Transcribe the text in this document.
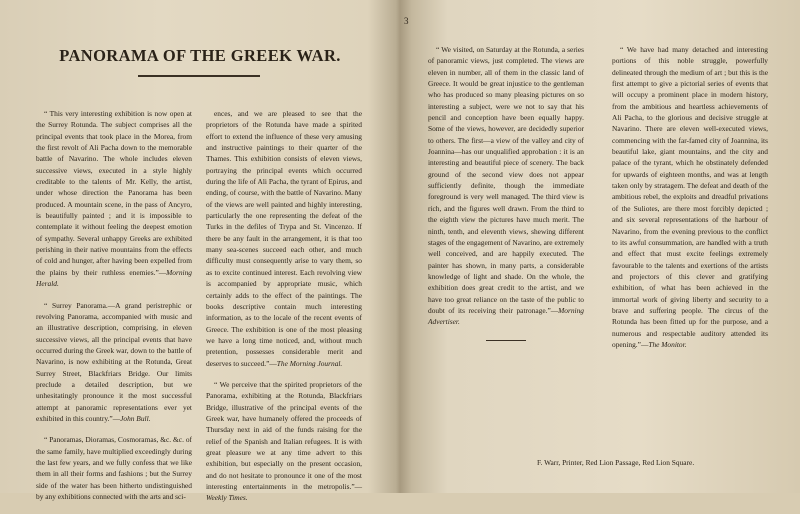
PANORAMA OF THE GREEK WAR.

“ This very interesting exhibition is now open at the Surrey Rotunda. The subject comprises all the principal events that took place in the Morea, from the first revolt of Ali Pacha down to the memorable battle of Navarino. The whole includes eleven successive views, executed in a style highly creditable to the talents of Mr. Kelly, the artist, under whose direction the Panorama has been produced. A mountain scene, in the pass of Ancyro, is beautifully painted ; and it is impossible to contemplate it without feeling the deepest emotion of sympathy. Several unhappy Greeks are exhibited perishing in their native mountains from the effects of cold and hunger, after having been expelled from the plains by their ruthless enemies.”—Morning Herald.

“ Surrey Panorama.—A grand peristrephic or revolving Panorama, accompanied with music and an illustrative description, comprising, in eleven successive views, all the principal events that have occurred during the Greek war, down to the battle of Navarino, is now exhibiting at the Rotunda, Great Surrey Street, Blackfriars Bridge. Our limits preclude a detailed description, but we unhesitatingly pronounce it the most successful attempt at panoramic representations ever yet exhibited in this country.”—John Bull.

“ Panoramas, Dioramas, Cosmoramas, &c. &c. of the same family, have multiplied exceedingly during the last few years, and we fully confess that we like them in all their forms and fashions ; but the Surrey side of the water has been hitherto undistinguished by any exhibitions connected with the arts and sci-

ences, and we are pleased to see that the proprietors of the Rotunda have made a spirited effort to extend the influence of these very amusing and instructive paintings to their quarter of the Thames. This exhibition consists of eleven views, portraying the principal events which occurred during the life of Ali Pacha, the tyrant of Epirus, and ending, of course, with the battle of Navarino. Many of the views are well painted and highly interesting, particularly the one representing the defeat of the Turks in the defiles of Trypa and St. Vincenzo. If there be any fault in the arrangement, it is that too many sea-scenes succeed each other, and much difficulty must consequently arise to vary them, so as to excite continued interest. Each revolving view is accompanied by appropriate music, which certainly adds to the effect of the paintings. The books descriptive contain much interesting information, as to the locale of the recent events of Greece. The exhibition is one of the most pleasing we have a long time noticed, and, without much pretention, possesses considerable merit and deserves to succeed.”—The Morning Journal.

“ We perceive that the spirited proprietors of the Panorama, exhibiting at the Rotunda, Blackfriars Bridge, illustrative of the principal events of the Greek war, have humanely offered the proceeds of Thursday next in aid of the funds raising for the relief of the Spanish and Italian refugees. It is with great pleasure we at any time advert to this exhibition, but especially on the present occasion, and do not hesitate to pronounce it one of the most interesting entertainments in the metropolis.”—Weekly Times.

3

“ We visited, on Saturday at the Rotunda, a series of panoramic views, just completed. The views are eleven in number, all of them in the classic land of Greece. It would be great injustice to the gentleman who has produced so many pleasing pictures on so interesting a subject, were we not to say that his pencil and conception have been equally happy. Some of the views, however, are decidedly superior to others. The first—a view of the valley and city of Joannina—has our unqualified approbation : it is an interesting and beautiful piece of scenery. The back ground of the second view does not appear sufficiently definite, though the immediate foreground is very well managed. The third view is rich, and the figures well drawn. From the third to the eighth view the pictures have much merit. The ninth, tenth, and eleventh views, shewing different stages of the engagement of Navarino, are extremely well conceived, and are happily executed. The painter has shown, in many parts, a considerable knowledge of light and shade. On the whole, the exhibition does great credit to the artist, and we have too great reliance on the taste of the public to doubt of its receiving their patronage.”—Morning Advertiser.

“ We have had many detached and interesting portions of this noble struggle, powerfully delineated through the medium of art ; but this is the first attempt to give a pictorial series of events that will occupy a prominent place in modern history, from the ambitious and heartless achievements of Ali Pacha, to the glorious and decisive struggle at Navarino. There are eleven well-executed views, commencing with the far-famed city of Joannina, its beautiful lake, giant mountains, and the city and palace of the tyrant, which he obstinately defended for upwards of eighteen months, and was at length taken only by stratagem. The defeat and death of the ambitious rebel, the exploits and dreadful privations of the Suliotes, are there most forcibly depicted ; and six several representations of the harbour of Navarino, from the evening previous to the conflict to its awful consummation, are handled with a truth and effect that must excite feelings extremely favourable to the talents and exertions of the artists and projectors of this clever and gratifying exhibition, of what has been achieved in the immortal work of giving liberty and security to a brave and suffering people. The circus of the Rotunda has been fitted up for the purpose, and a numerous and respectable auditory attended its opening.”—The Monitor.

F. Warr, Printer, Red Lion Passage, Red Lion Square.
